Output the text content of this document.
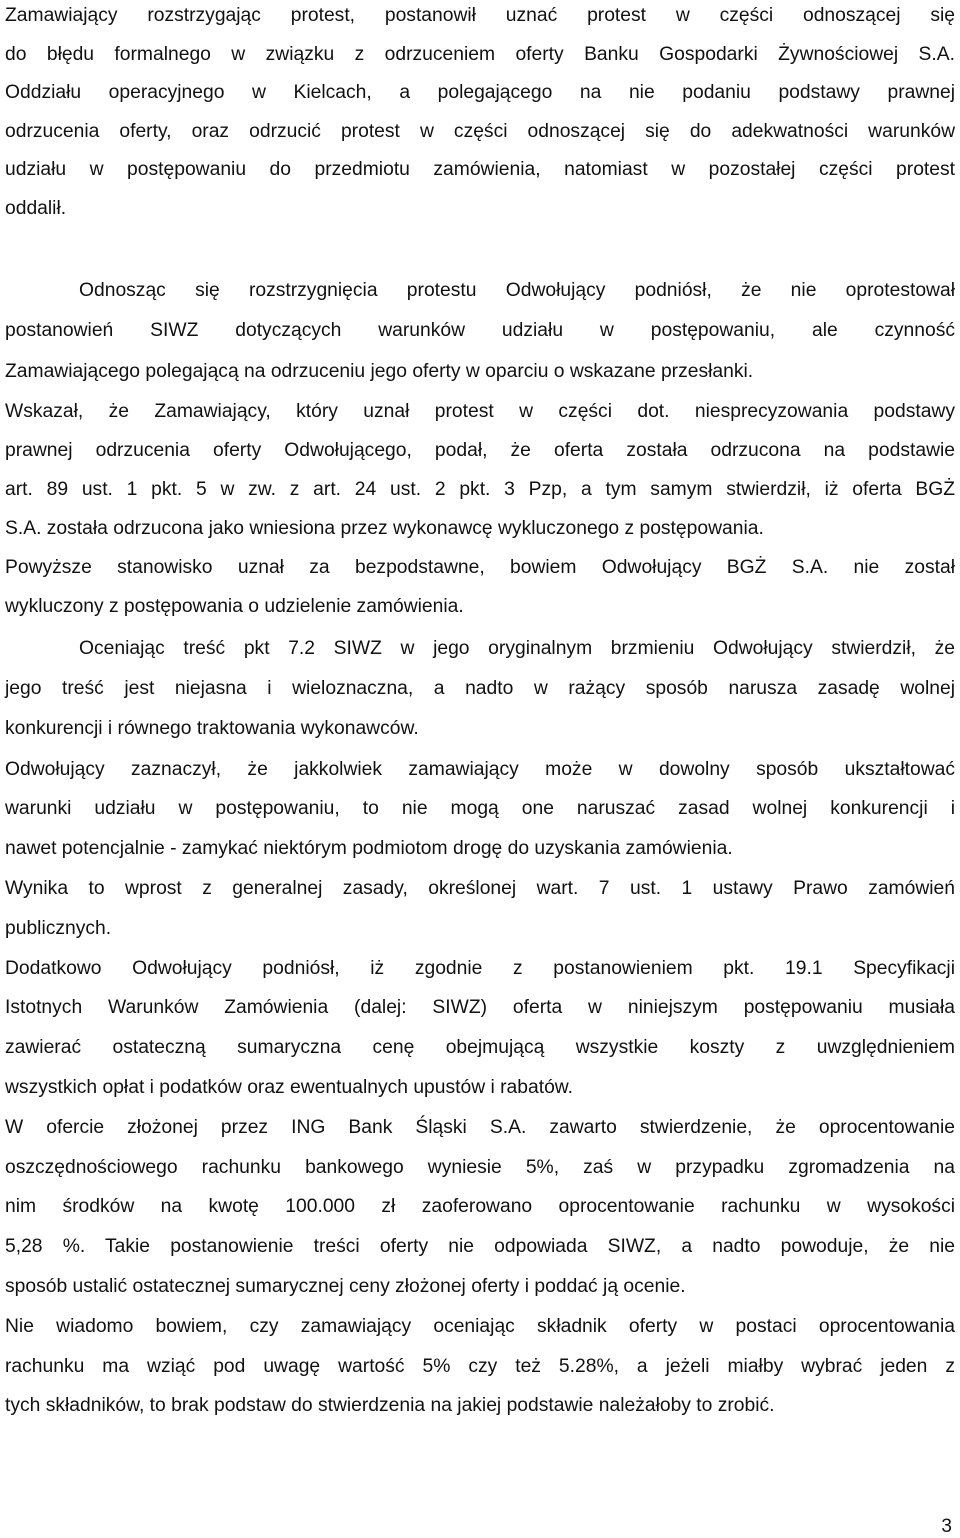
Zamawiający rozstrzygając protest, postanowił uznać protest w części odnoszącej się
do błędu formalnego w związku z odrzuceniem oferty Banku Gospodarki Żywnościowej S.A.
Oddziału operacyjnego w Kielcach, a polegającego na nie podaniu podstawy prawnej
odrzucenia oferty, oraz odrzucić protest w części odnoszącej się do adekwatności warunków
udziału w postępowaniu do przedmiotu zamówienia, natomiast w pozostałej części protest
oddalił.
Odnosząc się rozstrzygnięcia protestu Odwołujący podniósł, że nie oprotestował
postanowień SIWZ dotyczących warunków udziału w postępowaniu, ale czynność
Zamawiającego polegającą na odrzuceniu jego oferty w oparciu o wskazane przesłanki.
Wskazał, że Zamawiający, który uznał protest w części dot. niesprecyzowania podstawy
prawnej odrzucenia oferty Odwołującego, podał, że oferta została odrzucona na podstawie
art. 89 ust. 1 pkt. 5 w zw. z art. 24 ust. 2 pkt. 3 Pzp, a tym samym stwierdził, iż oferta BGŻ
S.A. została odrzucona jako wniesiona przez wykonawcę wykluczonego z postępowania.
Powyższe stanowisko uznał za bezpodstawne, bowiem Odwołujący BGŻ S.A. nie został
wykluczony z postępowania o udzielenie zamówienia.
Oceniając treść pkt 7.2 SIWZ w jego oryginalnym brzmieniu Odwołujący stwierdził, że
jego treść jest niejasna i wieloznaczna, a nadto w rażący sposób narusza zasadę wolnej
konkurencji i równego traktowania wykonawców.
Odwołujący zaznaczył, że jakkolwiek zamawiający może w dowolny sposób ukształtować
warunki udziału w postępowaniu, to nie mogą one naruszać zasad wolnej konkurencji i
nawet potencjalnie - zamykać niektórym podmiotom drogę do uzyskania zamówienia.
Wynika to wprost z generalnej zasady, określonej wart. 7 ust. 1 ustawy Prawo zamówień
publicznych.
Dodatkowo Odwołujący podniósł, iż zgodnie z postanowieniem pkt. 19.1 Specyfikacji
Istotnych Warunków Zamówienia (dalej: SIWZ) oferta w niniejszym postępowaniu musiała
zawierać ostateczną sumaryczna cenę obejmującą wszystkie koszty z uwzględnieniem
wszystkich opłat i podatków oraz ewentualnych upustów i rabatów.
W ofercie złożonej przez ING Bank Śląski S.A. zawarto stwierdzenie, że oprocentowanie
oszczędnościowego rachunku bankowego wyniesie 5%, zaś w przypadku zgromadzenia na
nim środków na kwotę 100.000 zł zaoferowano oprocentowanie rachunku w wysokości
5,28 %. Takie postanowienie treści oferty nie odpowiada SIWZ, a nadto powoduje, że nie
sposób ustalić ostatecznej sumarycznej ceny złożonej oferty i poddać ją ocenie.
Nie wiadomo bowiem, czy zamawiający oceniając składnik oferty w postaci oprocentowania
rachunku ma wziąć pod uwagę wartość 5% czy też 5.28%, a jeżeli miałby wybrać jeden z
tych składników, to brak podstaw do stwierdzenia na jakiej podstawie należałoby to zrobić.
3
